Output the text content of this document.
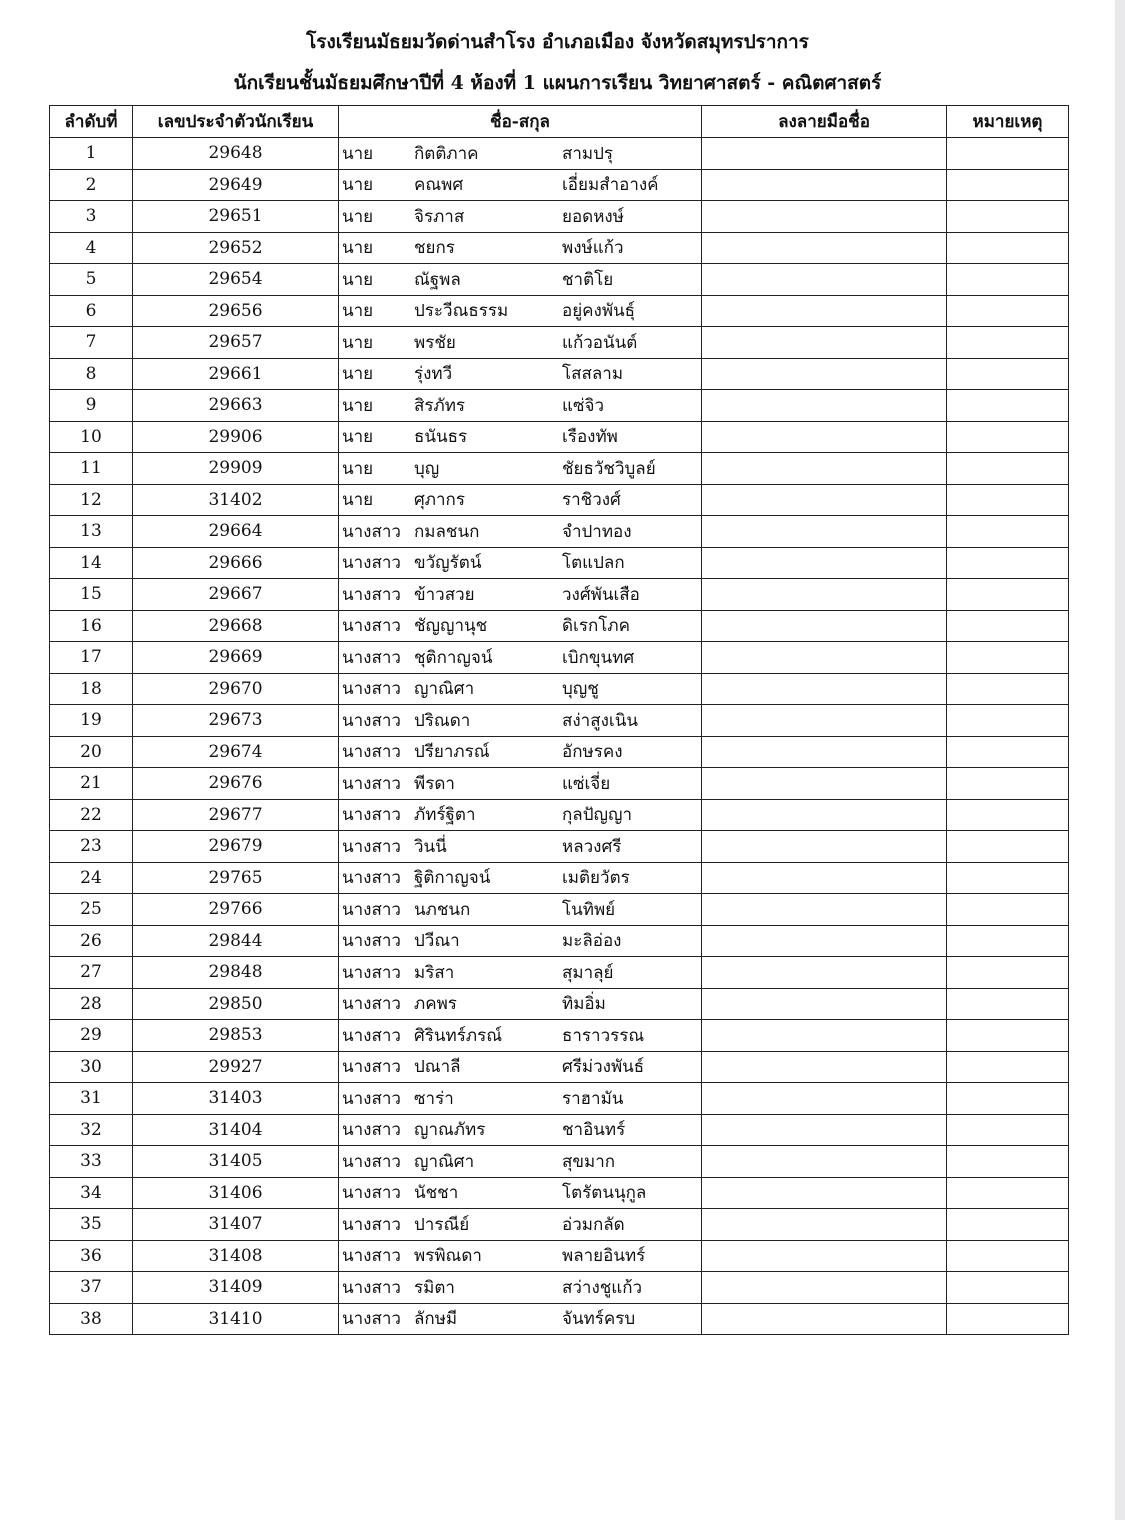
โรงเรียนมัธยมวัดด่านสำโรง อำเภอเมือง จังหวัดสมุทรปราการ
นักเรียนชั้นมัธยมศึกษาปีที่ 4 ห้องที่ 1 แผนการเรียน วิทยาศาสตร์ - คณิตศาสตร์
ลำดับที่	เลขประจำตัวนักเรียน	ชื่อ-สกุล	ลงลายมือชื่อ	หมายเหตุ
1	29648	นาย กิตติภาค สามปรุ		
2	29649	นาย คณพศ เอี่ยมสำอางค์		
3	29651	นาย จิรภาส ยอดหงษ์		
4	29652	นาย ชยกร พงษ์แก้ว		
5	29654	นาย ณัฐพล ชาติโย		
6	29656	นาย ประวีณธรรม อยู่คงพันธุ์		
7	29657	นาย พรชัย แก้วอนันต์		
8	29661	นาย รุ่งทวี โสสลาม		
9	29663	นาย สิรภัทร แซ่จิว		
10	29906	นาย ธนันธร เรืองทัพ		
11	29909	นาย บุญ ชัยธวัชวิบูลย์		
12	31402	นาย ศุภากร ราชิวงศ์		
13	29664	นางสาว กมลชนก จำปาทอง		
14	29666	นางสาว ขวัญรัตน์ โตแปลก		
15	29667	นางสาว ข้าวสวย วงศ์พันเสือ		
16	29668	นางสาว ชัญญานุช ดิเรกโภค		
17	29669	นางสาว ชุติกาญจน์ เบิกขุนทศ		
18	29670	นางสาว ญาณิศา บุญชู		
19	29673	นางสาว ปริณดา สง่าสูงเนิน		
20	29674	นางสาว ปรียาภรณ์ อักษรคง		
21	29676	นางสาว พีรดา แซ่เจี่ย		
22	29677	นางสาว ภัทร์ฐิตา กุลปัญญา		
23	29679	นางสาว วินนี่ หลวงศรี		
24	29765	นางสาว ฐิติกาญจน์ เมติยวัตร		
25	29766	นางสาว นภชนก โนทิพย์		
26	29844	นางสาว ปวีณา มะลิอ่อง		
27	29848	นางสาว มริสา สุมาลุย์		
28	29850	นางสาว ภคพร ทิมอิ่ม		
29	29853	นางสาว ศิรินทร์ภรณ์ ธาราวรรณ		
30	29927	นางสาว ปณาลี ศรีม่วงพันธ์		
31	31403	นางสาว ซาร่า ราฮามัน		
32	31404	นางสาว ญาณภัทร ชาอินทร์		
33	31405	นางสาว ญาณิศา สุขมาก		
34	31406	นางสาว นัชชา โตรัตนนุกูล		
35	31407	นางสาว ปารณีย์ อ่วมกลัด		
36	31408	นางสาว พรพิณดา พลายอินทร์		
37	31409	นางสาว รมิตา สว่างชูแก้ว		
38	31410	นางสาว ลักษมี จันทร์ครบ		
